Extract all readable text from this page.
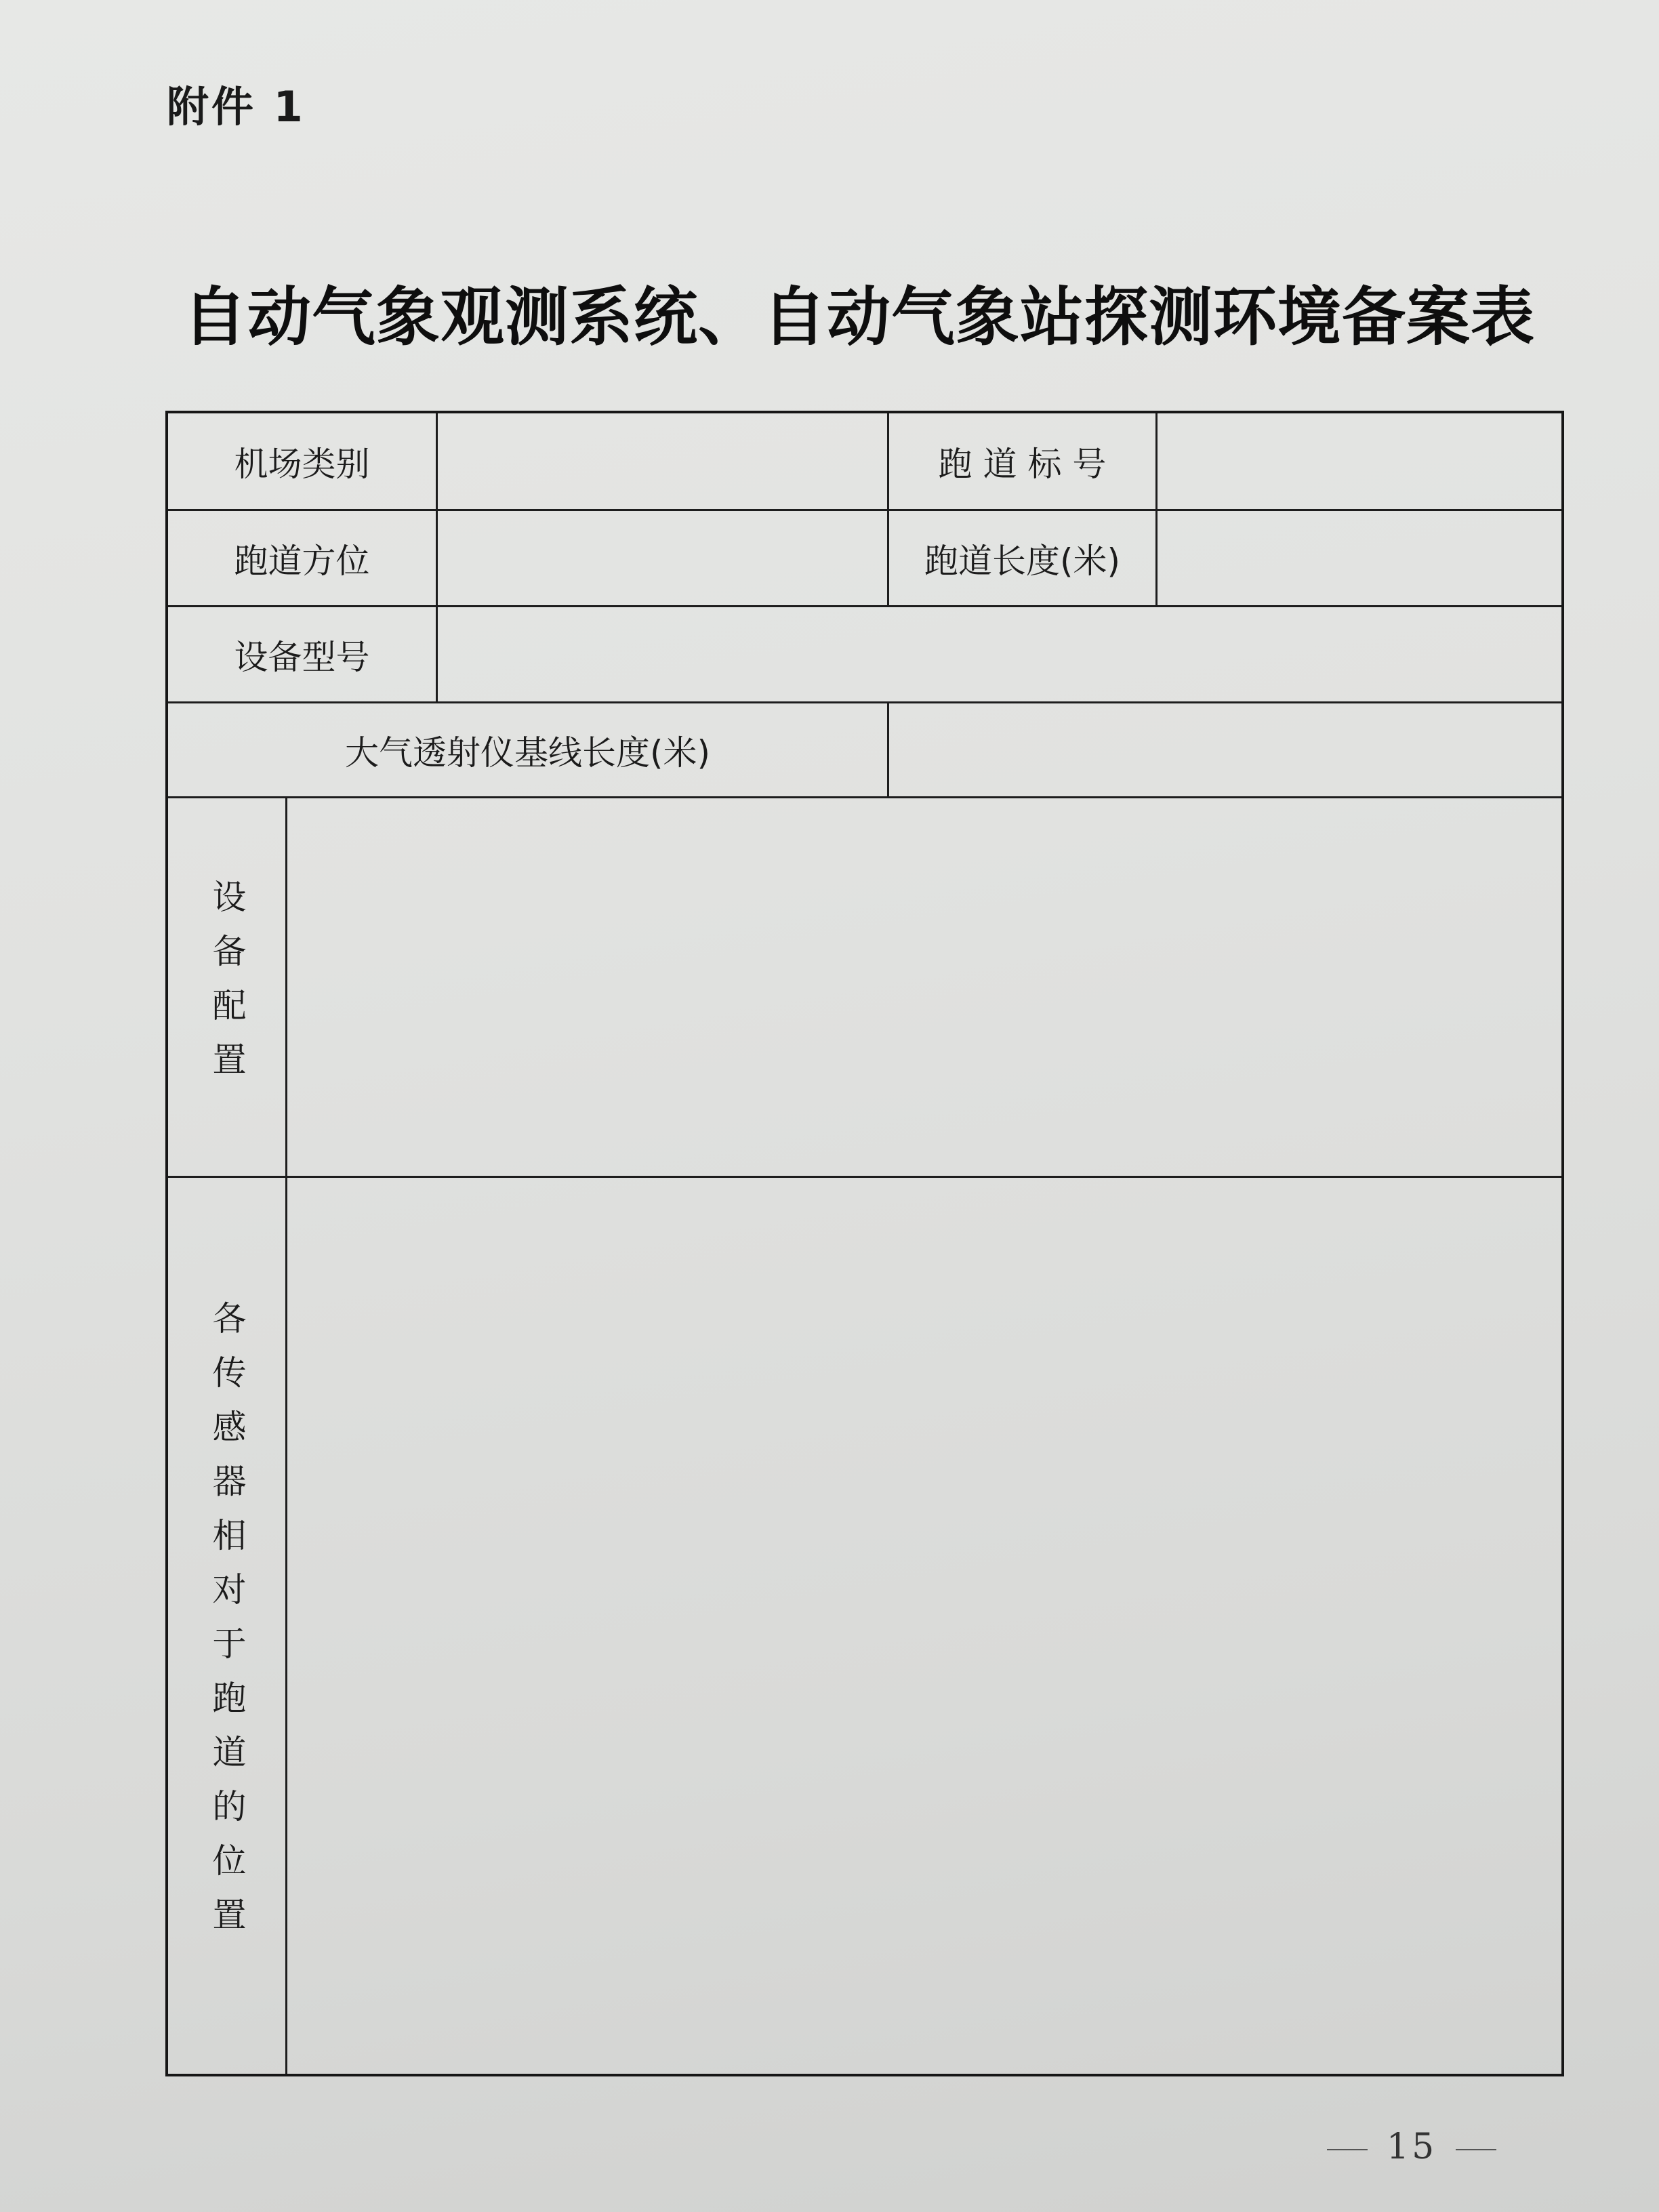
附件 1
自动气象观测系统、自动气象站探测环境备案表
机场类别	跑 道 标 号
跑道方位	跑道长度(米)
设备型号
大气透射仪基线长度(米)
设备配置
各传感器相对于跑道的位置
15
